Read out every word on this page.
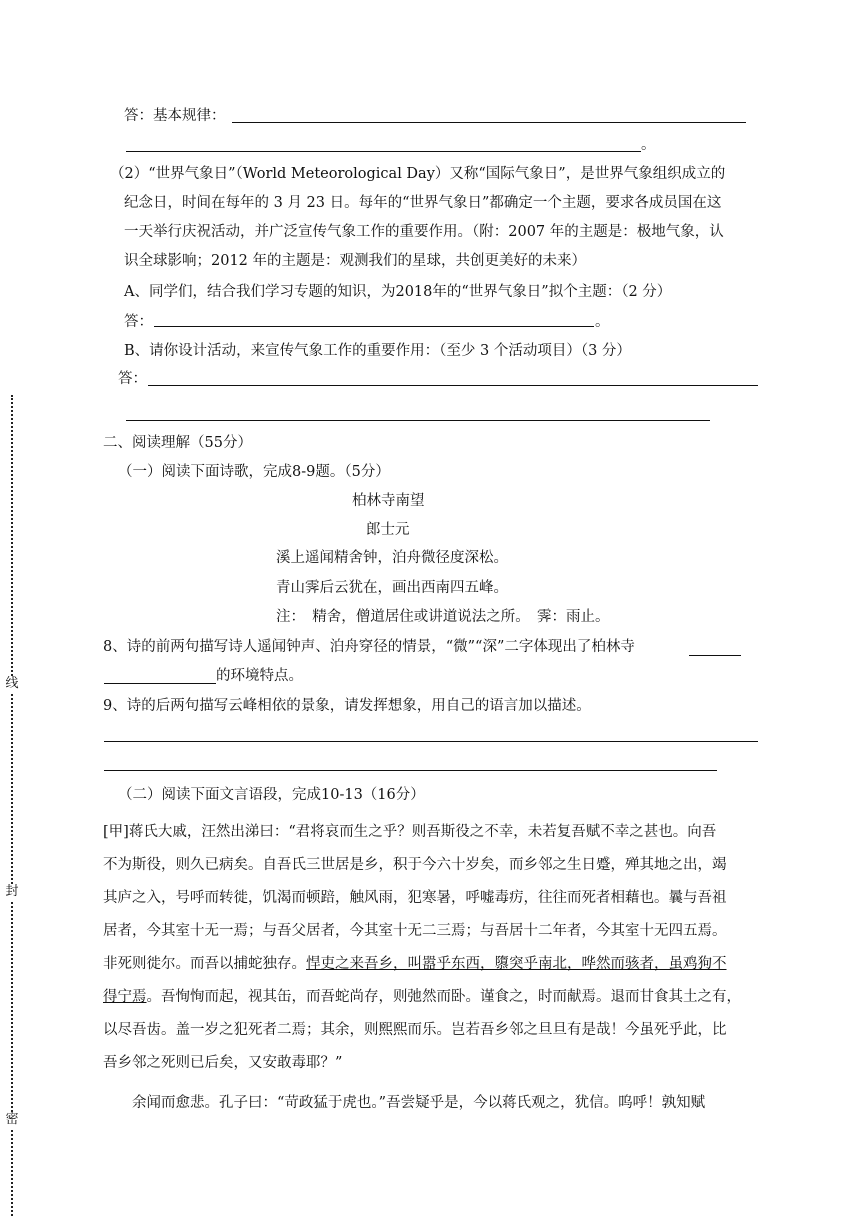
线
封
密
答：基本规律：
。
（2）“世界气象日”（World Meteorological Day）又称“国际气象日”，是世界气象组织成立的
纪念日，时间在每年的 3 月 23 日。每年的“世界气象日”都确定一个主题，要求各成员国在这
一天举行庆祝活动，并广泛宣传气象工作的重要作用。（附：2007 年的主题是：极地气象，认
识全球影响；2012 年的主题是：观测我们的星球，共创更美好的未来）
A、同学们，结合我们学习专题的知识，为2018年的“世界气象日”拟个主题：（2 分）
答：	。
B、请你设计活动，来宣传气象工作的重要作用：（至少 3 个活动项目）（3 分）
答：
二、阅读理解（55分）
（一）阅读下面诗歌，完成8-9题。（5分）
柏林寺南望
郎士元
溪上遥闻精舍钟，泊舟微径度深松。
青山霁后云犹在，画出西南四五峰。
注：　精舍，僧道居住或讲道说法之所。　霁：雨止。
8、诗的前两句描写诗人遥闻钟声、泊舟穿径的情景，“微”“深”二字体现出了柏林寺
的环境特点。
9、诗的后两句描写云峰相依的景象，请发挥想象，用自己的语言加以描述。
（二）阅读下面文言语段，完成10-13（16分）
[甲]蒋氏大戚，汪然出涕曰：“君将哀而生之乎？则吾斯役之不幸，未若复吾赋不幸之甚也。向吾
不为斯役，则久已病矣。自吾氏三世居是乡，积于今六十岁矣，而乡邻之生日蹙，殚其地之出，竭
其庐之入，号呼而转徙，饥渴而顿踣，触风雨，犯寒暑，呼嘘毒疠，往往而死者相藉也。曩与吾祖
居者，今其室十无一焉；与吾父居者，今其室十无二三焉；与吾居十二年者，今其室十无四五焉。
非死则徙尔。而吾以捕蛇独存。悍吏之来吾乡，叫嚣乎东西，隳突乎南北，哗然而骇者，虽鸡狗不
得宁焉。吾恂恂而起，视其缶，而吾蛇尚存，则弛然而卧。谨食之，时而献焉。退而甘食其土之有，
以尽吾齿。盖一岁之犯死者二焉；其余，则熙熙而乐。岂若吾乡邻之旦旦有是哉！今虽死乎此，比
吾乡邻之死则已后矣，又安敢毒耶？”
　　余闻而愈悲。孔子曰：“苛政猛于虎也。”吾尝疑乎是，今以蒋氏观之，犹信。呜呼！孰知赋
